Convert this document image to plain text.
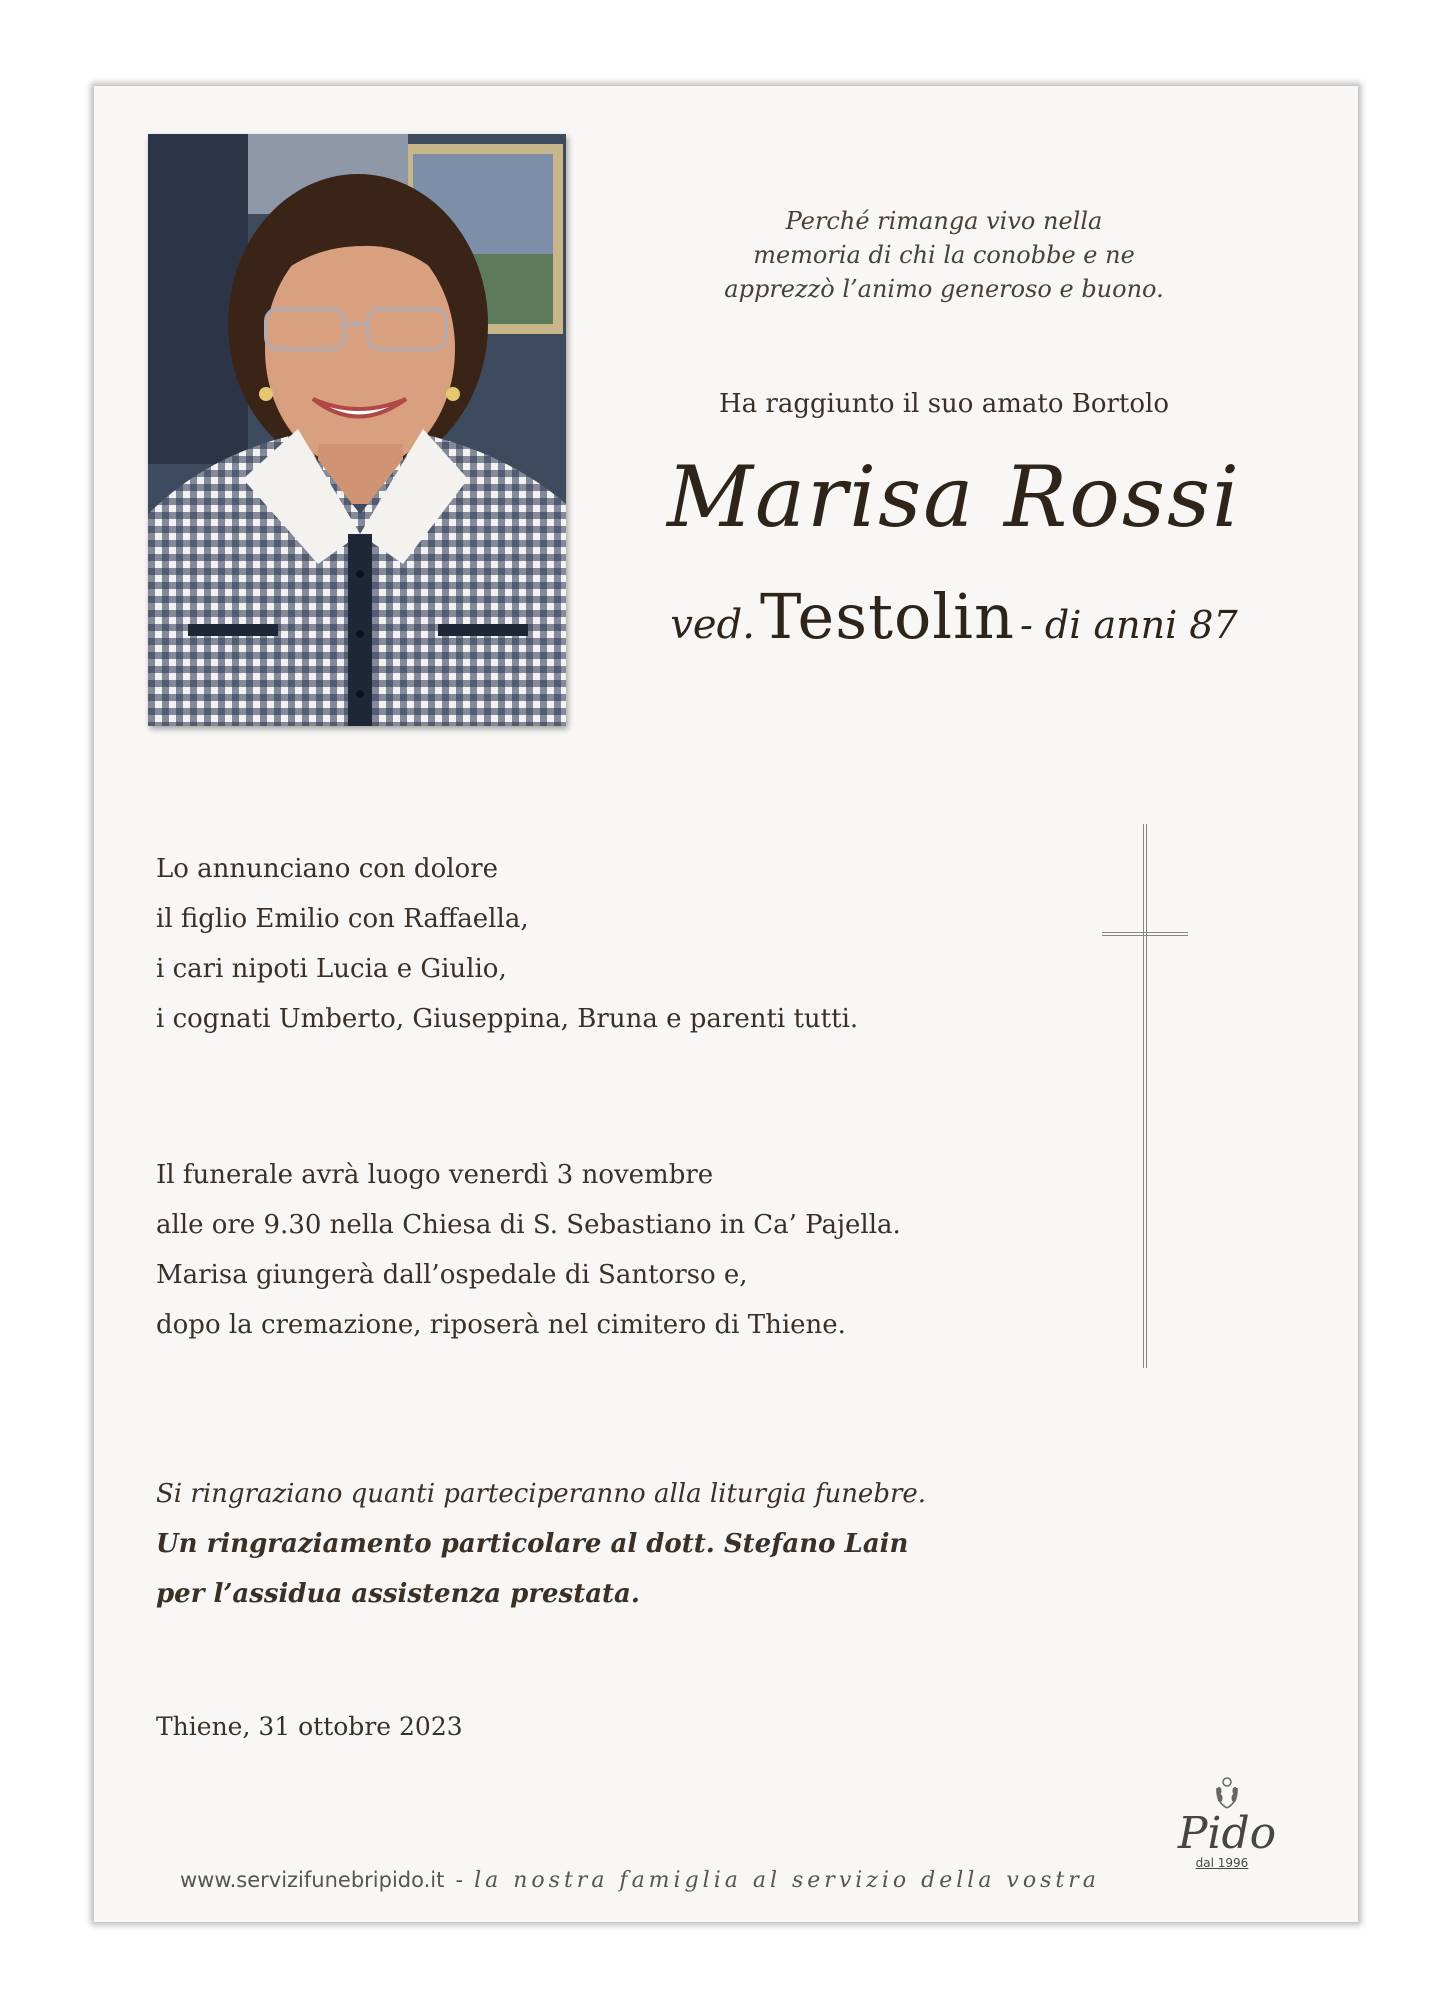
Perché rimanga vivo nella
memoria di chi la conobbe e ne
apprezzò l’animo generoso e buono.
Ha raggiunto il suo amato Bortolo
Marisa Rossi
ved. Testolin - di anni 87
Lo annunciano con dolore
il figlio Emilio con Raffaella,
i cari nipoti Lucia e Giulio,
i cognati Umberto, Giuseppina, Bruna e parenti tutti.
Il funerale avrà luogo venerdì 3 novembre
alle ore 9.30 nella Chiesa di S. Sebastiano in Ca’ Pajella.
Marisa giungerà dall’ospedale di Santorso e,
dopo la cremazione, riposerà nel cimitero di Thiene.
Si ringraziano quanti parteciperanno alla liturgia funebre.
Un ringraziamento particolare al dott. Stefano Lain
per l’assidua assistenza prestata.
Thiene, 31 ottobre 2023
www.servizifunebripido.it - la nostra famiglia al servizio della vostra
Pido
dal 1996
